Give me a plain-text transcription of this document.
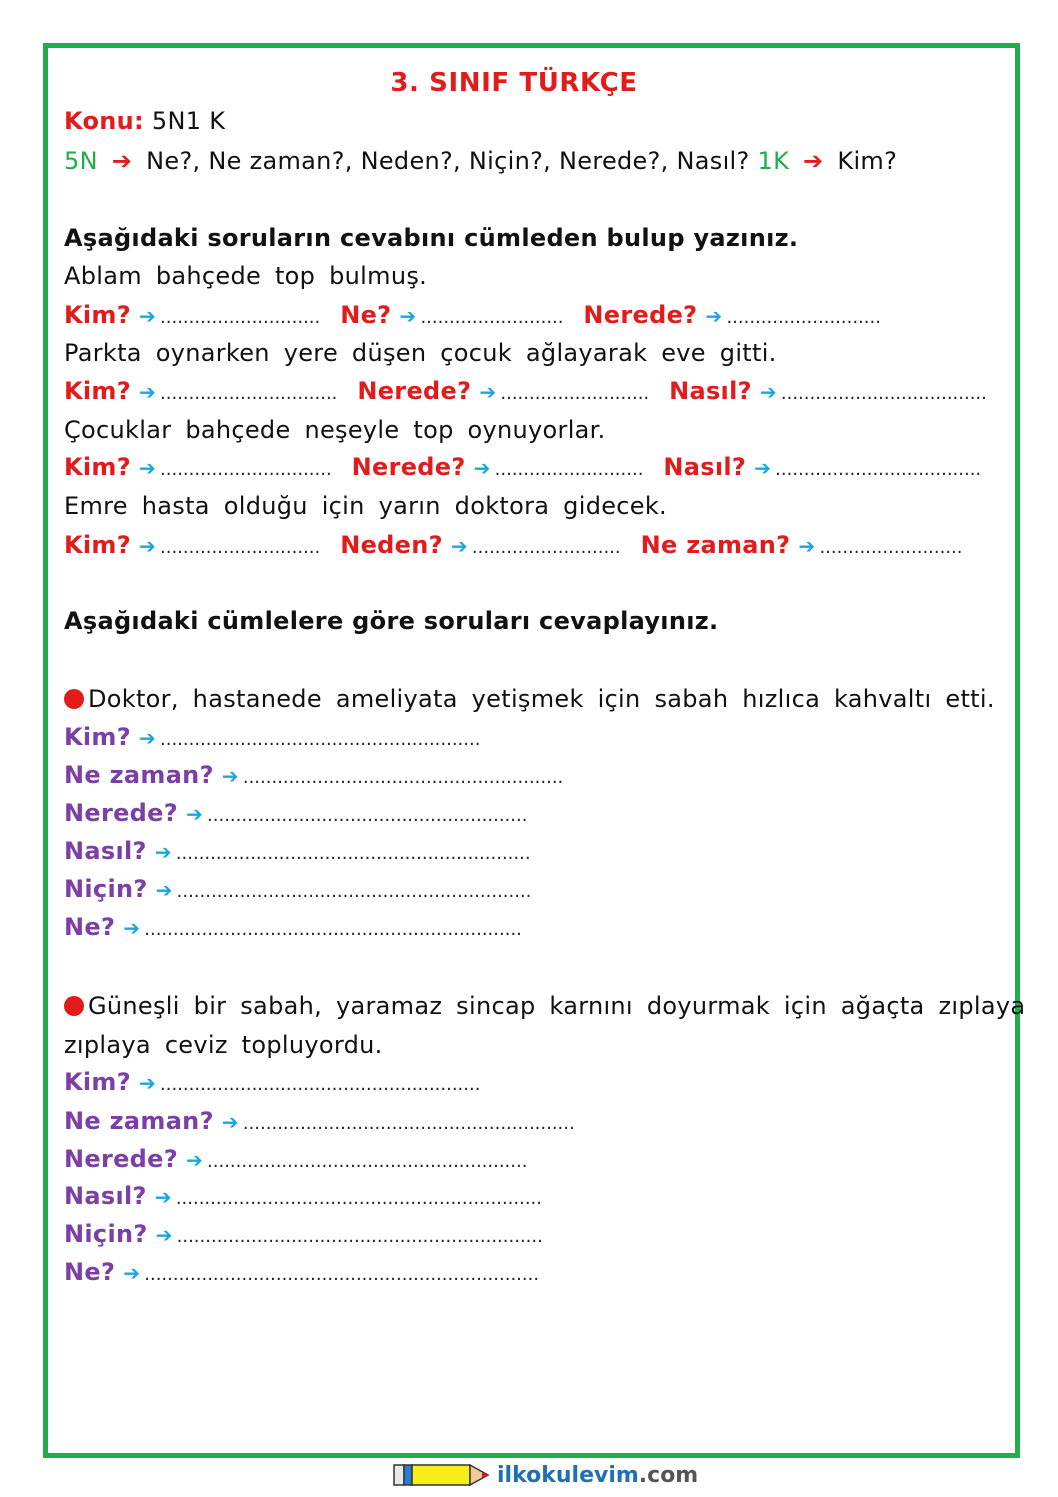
3. SINIF TÜRKÇE
Konu: 5N1 K
5N ➔ Ne?, Ne zaman?, Neden?, Niçin?, Nerede?, Nasıl? 1K ➔ Kim?
Aşağıdaki soruların cevabını cümleden bulup yazınız.
Ablam bahçede top bulmuş.
Kim? ➔ ............................ Ne? ➔ ......................... Nerede? ➔ ...........................
Parkta oynarken yere düşen çocuk ağlayarak eve gitti.
Kim? ➔ ............................... Nerede? ➔ .......................... Nasıl? ➔ ....................................
Çocuklar bahçede neşeyle top oynuyorlar.
Kim? ➔ .............................. Nerede? ➔ .......................... Nasıl? ➔ ....................................
Emre hasta olduğu için yarın doktora gidecek.
Kim? ➔ ............................ Neden? ➔ .......................... Ne zaman? ➔ .........................
Aşağıdaki cümlelere göre soruları cevaplayınız.
Doktor, hastanede ameliyata yetişmek için sabah hızlıca kahvaltı etti.
Kim? ➔ ........................................................
Ne zaman? ➔ ........................................................
Nerede? ➔ ........................................................
Nasıl? ➔ ..............................................................
Niçin? ➔ ..............................................................
Ne? ➔ ..................................................................
Güneşli bir sabah, yaramaz sincap karnını doyurmak için ağaçta zıplaya
zıplaya ceviz topluyordu.
Kim? ➔ ........................................................
Ne zaman? ➔ ..........................................................
Nerede? ➔ ........................................................
Nasıl? ➔ ................................................................
Niçin? ➔ ................................................................
Ne? ➔ .....................................................................
ilkokulevim.com
